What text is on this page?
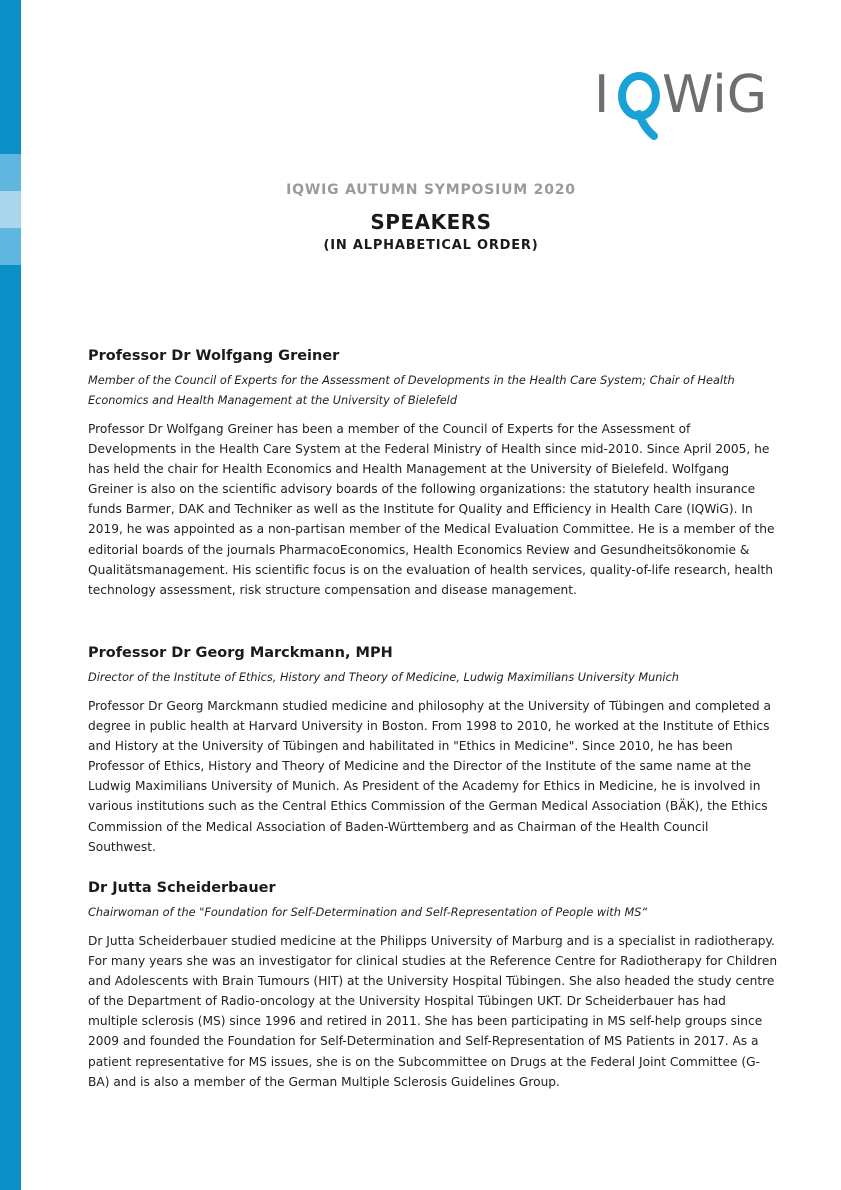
I WiG
IQWIG AUTUMN SYMPOSIUM 2020
SPEAKERS
(IN ALPHABETICAL ORDER)
Professor Dr Wolfgang Greiner
Member of the Council of Experts for the Assessment of Developments in the Health Care System; Chair of Health Economics and Health Management at the University of Bielefeld

Professor Dr Wolfgang Greiner has been a member of the Council of Experts for the Assessment of Developments in the Health Care System at the Federal Ministry of Health since mid-2010. Since April 2005, he has held the chair for Health Economics and Health Management at the University of Bielefeld. Wolfgang Greiner is also on the scientific advisory boards of the following organizations: the statutory health insurance funds Barmer, DAK and Techniker as well as the Institute for Quality and Efficiency in Health Care (IQWiG). In 2019, he was appointed as a non-partisan member of the Medical Evaluation Committee. He is a member of the editorial boards of the journals PharmacoEconomics, Health Economics Review and Gesundheitsökonomie & Qualitätsmanagement. His scientific focus is on the evaluation of health services, quality-of-life research, health technology assessment, risk structure compensation and disease management.

Professor Dr Georg Marckmann, MPH
Director of the Institute of Ethics, History and Theory of Medicine, Ludwig Maximilians University Munich

Professor Dr Georg Marckmann studied medicine and philosophy at the University of Tübingen and completed a degree in public health at Harvard University in Boston. From 1998 to 2010, he worked at the Institute of Ethics and History at the University of Tübingen and habilitated in "Ethics in Medicine". Since 2010, he has been Professor of Ethics, History and Theory of Medicine and the Director of the Institute of the same name at the Ludwig Maximilians University of Munich. As President of the Academy for Ethics in Medicine, he is involved in various institutions such as the Central Ethics Commission of the German Medical Association (BÄK), the Ethics Commission of the Medical Association of Baden-Württemberg and as Chairman of the Health Council Southwest.

Dr Jutta Scheiderbauer
Chairwoman of the "Foundation for Self-Determination and Self-Representation of People with MS“

Dr Jutta Scheiderbauer studied medicine at the Philipps University of Marburg and is a specialist in radiotherapy. For many years she was an investigator for clinical studies at the Reference Centre for Radiotherapy for Children and Adolescents with Brain Tumours (HIT) at the University Hospital Tübingen. She also headed the study centre of the Department of Radio-oncology at the University Hospital Tübingen UKT. Dr Scheiderbauer has had multiple sclerosis (MS) since 1996 and retired in 2011. She has been participating in MS self-help groups since 2009 and founded the Foundation for Self-Determination and Self-Representation of MS Patients in 2017. As a patient representative for MS issues, she is on the Subcommittee on Drugs at the Federal Joint Committee (G-BA) and is also a member of the German Multiple Sclerosis Guidelines Group.
